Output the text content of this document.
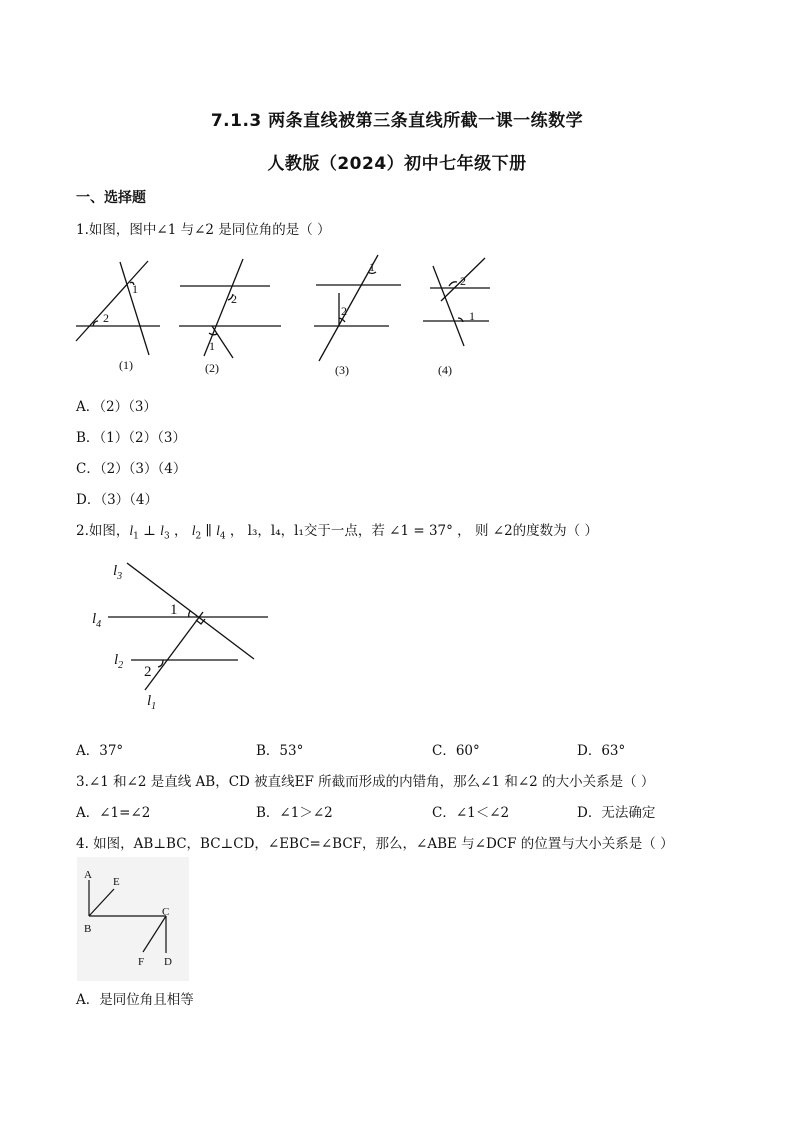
7.1.3 两条直线被第三条直线所截一课一练数学
人教版（2024）初中七年级下册
一、选择题
1.如图，图中∠1 与∠2 是同位角的是（ ）
1
2
2
1
1
2
2
1
(1)	(2)	(3)	(4)
A．（2）（3）
B．（1）（2）（3）
C．（2）（3）（4）
D．（3）（4）
2.如图，$l_1$ ⊥ $l_3$ ， $l_2$ ∥ $l_4$ ， l₃，l₄，l₁交于一点，若 ∠1 = 37° ， 则 ∠2的度数为（ ）
$l_3$
$l_4$
$l_2$
$l_1$
1
2
A．37°	B．53°	C．60°	D．63°
3.∠1 和∠2 是直线 AB，CD 被直线EF 所截而形成的内错角，那么∠1 和∠2 的大小关系是（ ）
A．∠1=∠2	B．∠1＞∠2	C．∠1＜∠2	D．无法确定
4. 如图，AB⊥BC，BC⊥CD，∠EBC=∠BCF，那么，∠ABE 与∠DCF 的位置与大小关系是（ ）
A
E
B
C
F D
A．是同位角且相等
